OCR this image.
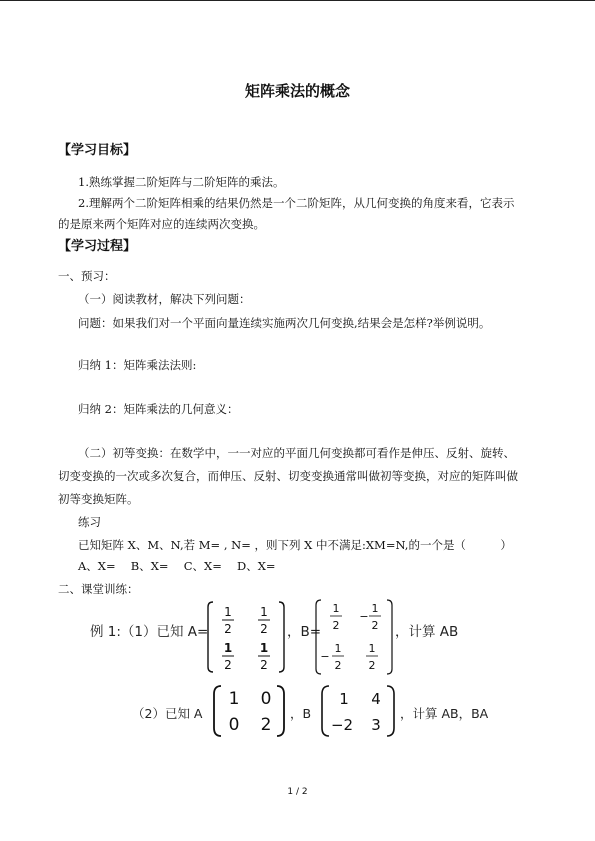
矩阵乘法的概念
【学习目标】
1.熟练掌握二阶矩阵与二阶矩阵的乘法。
2.理解两个二阶矩阵相乘的结果仍然是一个二阶矩阵，从几何变换的角度来看，它表示
的是原来两个矩阵对应的连续两次变换。
【学习过程】
一、预习：
（一）阅读教材，解决下列问题：
问题：如果我们对一个平面向量连续实施两次几何变换,结果会是怎样?举例说明。
归纳 1：矩阵乘法法则:
归纳 2：矩阵乘法的几何意义：
（二）初等变换：在数学中，一一对应的平面几何变换都可看作是伸压、反射、旋转、
切变变换的一次或多次复合，而伸压、反射、切变变换通常叫做初等变换，对应的矩阵叫做
初等变换矩阵。
练习
已知矩阵 X、M、N,若 M= , N= ，则下列 X 中不满足:XM=N,的一个是（　　　）
A、X=　 B、X=　 C、X=　 D、X=
二、课堂训练：
例 1:（1）已知 A=
1
2
1
2
1
2
1
2
，B=
1
2
−
1
2
−
1
2
1
2
，计算 AB
（2）已知 A
1 0
0 2
，B
1 4
−2 3
，计算 AB，BA
1 / 2
